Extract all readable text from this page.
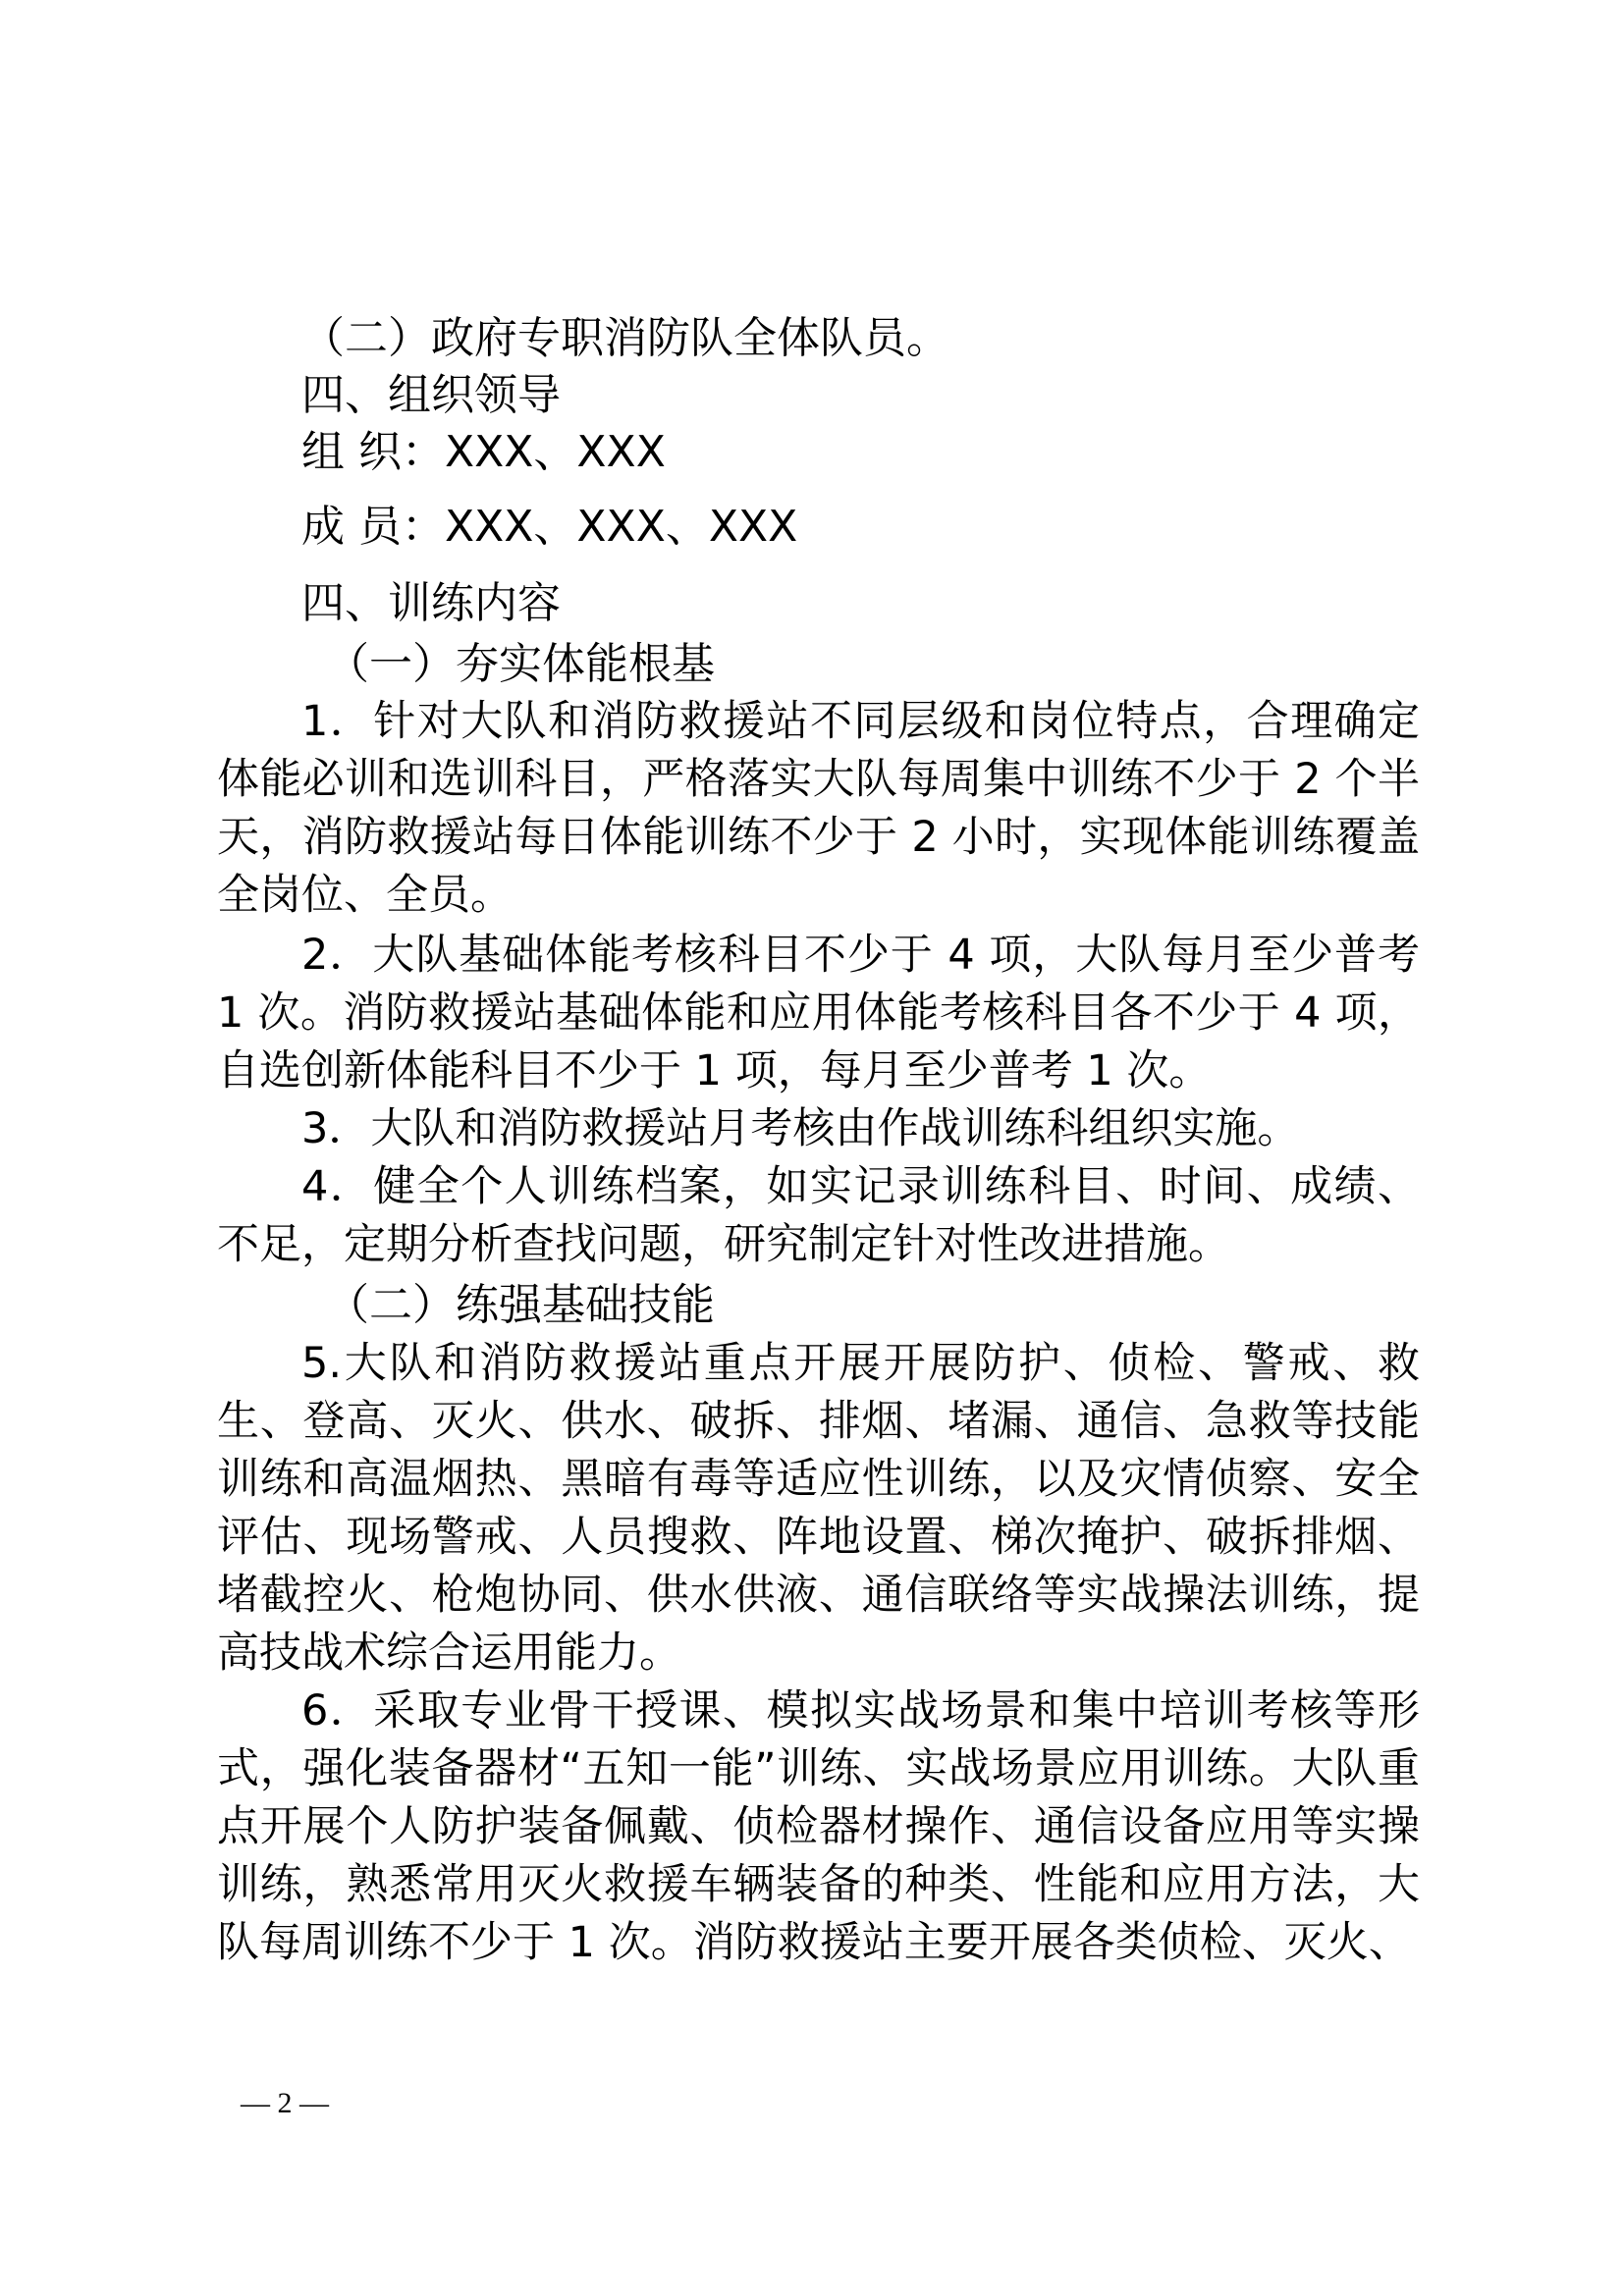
（二）政府专职消防队全体队员。
四、组织领导
组 织：XXX、XXX
成 员：XXX、XXX、XXX
四、训练内容
（一）夯实体能根基
1．针对大队和消防救援站不同层级和岗位特点，合理确定体能必训和选训科目，严格落实大队每周集中训练不少于 2 个半天，消防救援站每日体能训练不少于 2 小时，实现体能训练覆盖全岗位、全员。
2．大队基础体能考核科目不少于 4 项，大队每月至少普考 1 次。消防救援站基础体能和应用体能考核科目各不少于 4 项，自选创新体能科目不少于 1 项，每月至少普考 1 次。
3．大队和消防救援站月考核由作战训练科组织实施。
4．健全个人训练档案，如实记录训练科目、时间、成绩、不足，定期分析查找问题，研究制定针对性改进措施。
（二）练强基础技能
5.大队和消防救援站重点开展开展防护、侦检、警戒、救生、登高、灭火、供水、破拆、排烟、堵漏、通信、急救等技能训练和高温烟热、黑暗有毒等适应性训练，以及灾情侦察、安全评估、现场警戒、人员搜救、阵地设置、梯次掩护、破拆排烟、堵截控火、枪炮协同、供水供液、通信联络等实战操法训练，提高技战术综合运用能力。
6．采取专业骨干授课、模拟实战场景和集中培训考核等形式，强化装备器材“五知一能”训练、实战场景应用训练。大队重点开展个人防护装备佩戴、侦检器材操作、通信设备应用等实操训练，熟悉常用灭火救援车辆装备的种类、性能和应用方法，大队每周训练不少于 1 次。消防救援站主要开展各类侦检、灭火、
— 2 —
